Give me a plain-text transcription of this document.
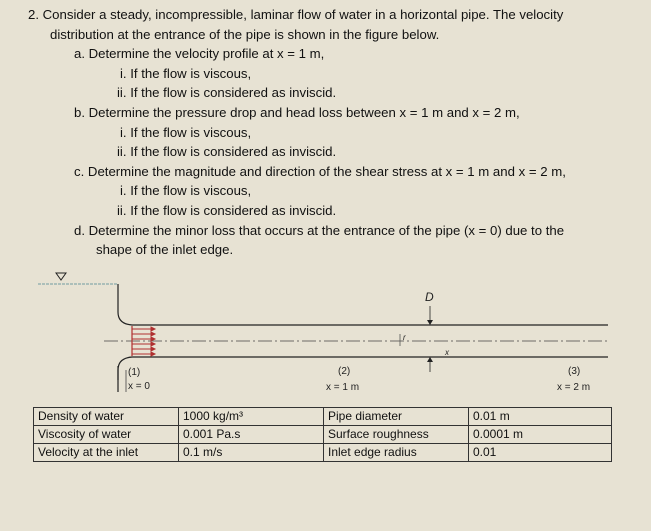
2. Consider a steady, incompressible, laminar flow of water in a horizontal pipe. The velocity
distribution at the entrance of the pipe is shown in the figure below.
a. Determine the velocity profile at x = 1 m,
i. If the flow is viscous,
ii. If the flow is considered as inviscid.
b. Determine the pressure drop and head loss between x = 1 m and x = 2 m,
i. If the flow is viscous,
ii. If the flow is considered as inviscid.
c. Determine the magnitude and direction of the shear stress at x = 1 m and x = 2 m,
i. If the flow is viscous,
ii. If the flow is considered as inviscid.
d. Determine the minor loss that occurs at the entrance of the pipe (x = 0) due to the
shape of the inlet edge.
D
r
x
(1)
x = 0
(2)
x = 1 m
(3)
x = 2 m
Density of water	1000 kg/m³	Pipe diameter	0.01 m
Viscosity of water	0.001 Pa.s	Surface roughness	0.0001 m
Velocity at the inlet	0.1 m/s	Inlet edge radius	0.01
